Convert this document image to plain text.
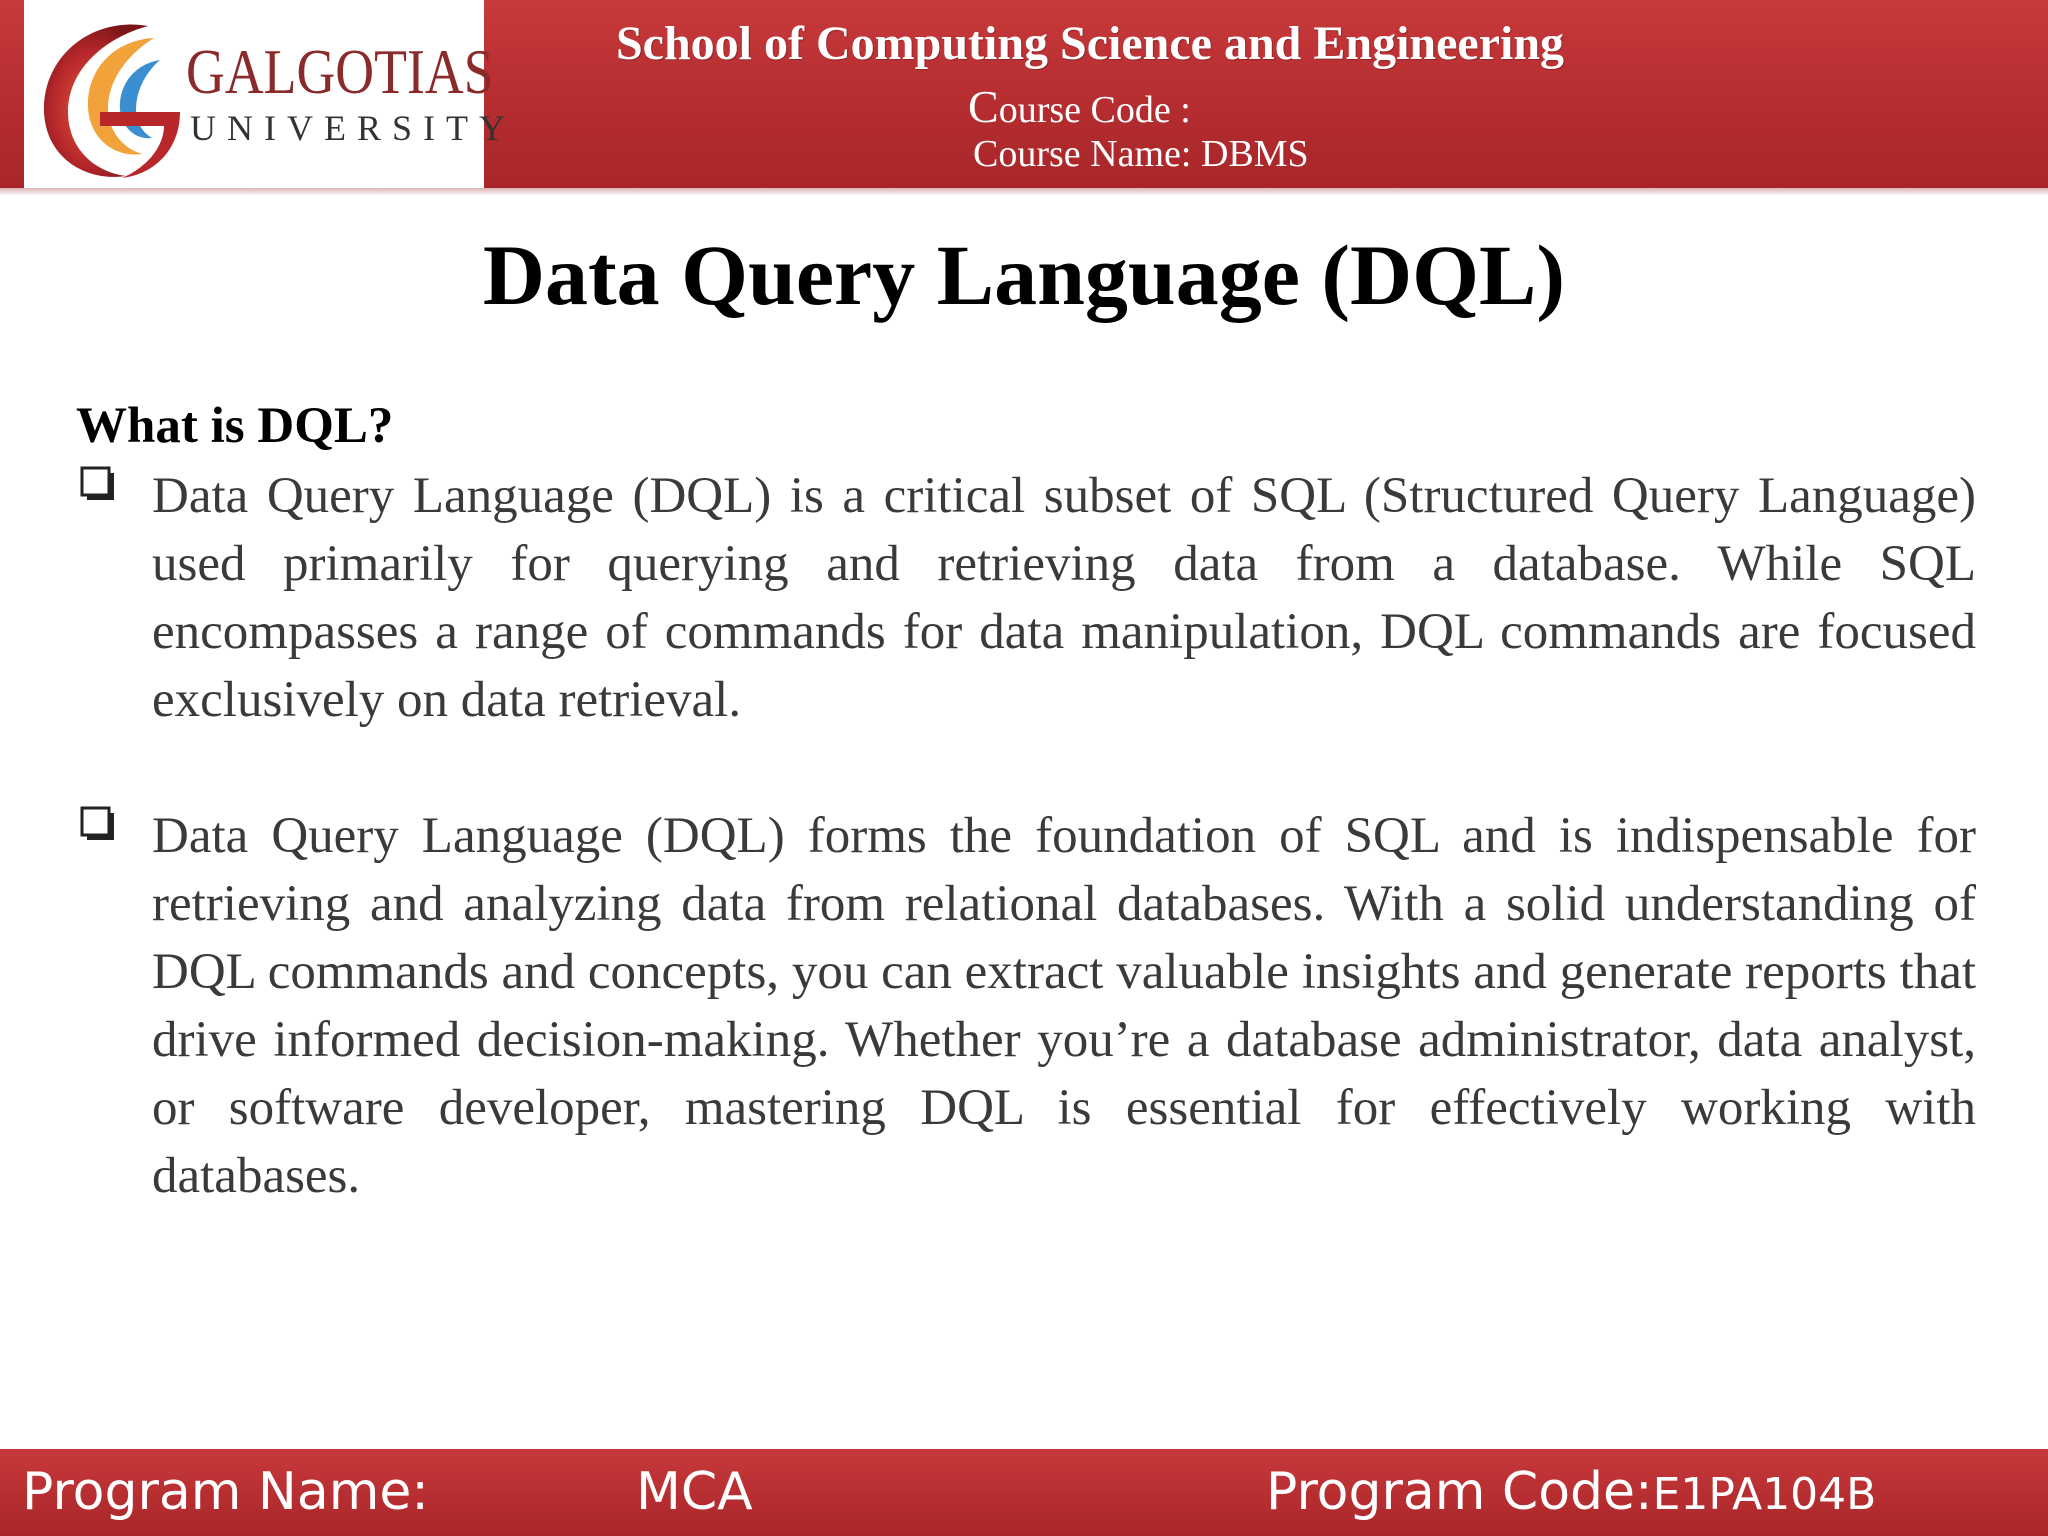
GALGOTIAS
UNIVERSITY
School of Computing Science and Engineering
Course Code :
Course Name: DBMS
Data Query Language (DQL)
What is DQL?
Data Query Language (DQL) is a critical subset of SQL (Structured Query Language) used primarily for querying and retrieving data from a database. While SQL encompasses a range of commands for data manipulation, DQL commands are focused exclusively on data retrieval.
Data Query Language (DQL) forms the foundation of SQL and is indispensable for retrieving and analyzing data from relational databases. With a solid understanding of DQL commands and concepts, you can extract valuable insights and generate reports that drive informed decision-making. Whether you’re a database administrator, data analyst, or software developer, mastering DQL is essential for effectively working with databases.
Program Name:	MCA	Program Code:E1PA104B
